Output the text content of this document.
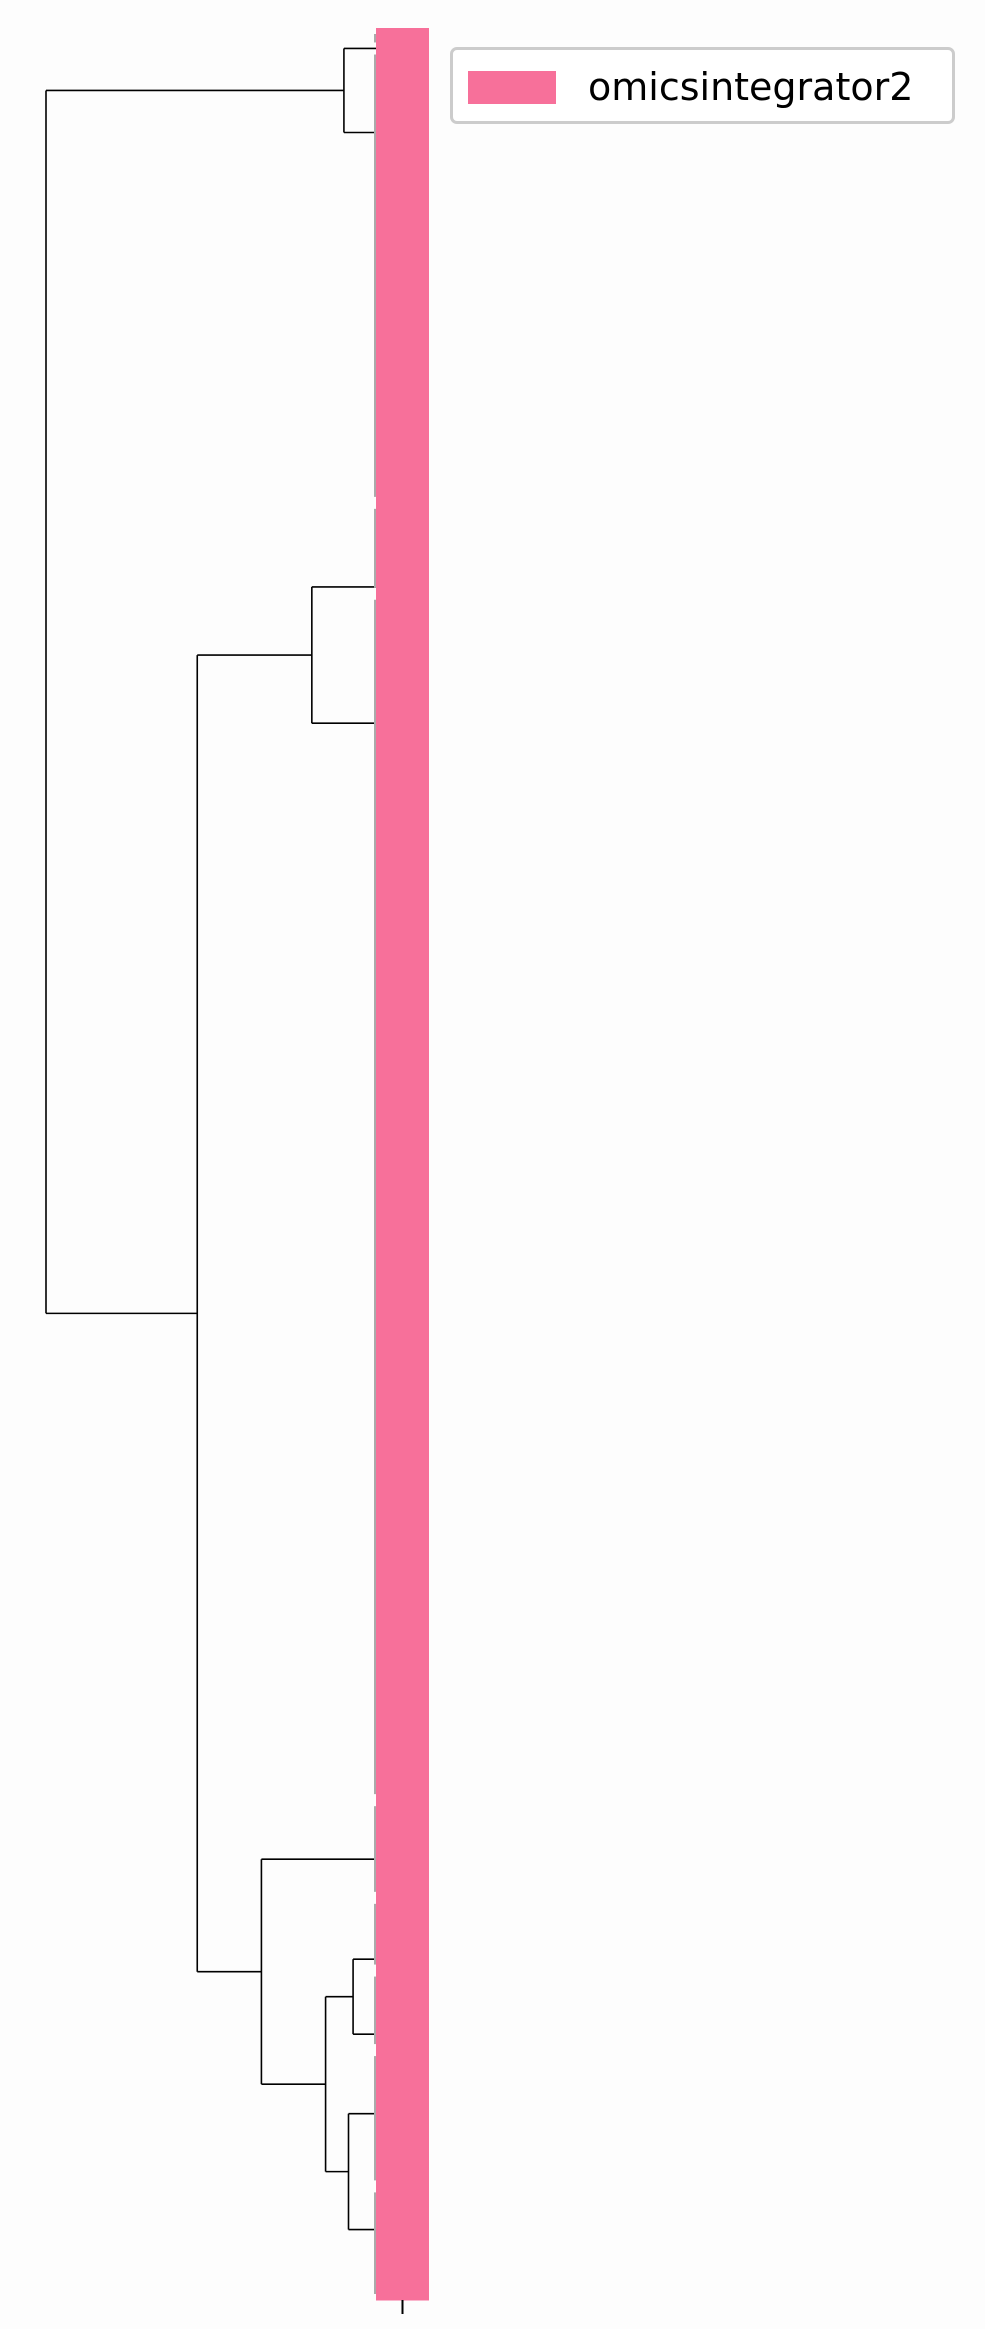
omicsintegrator2
